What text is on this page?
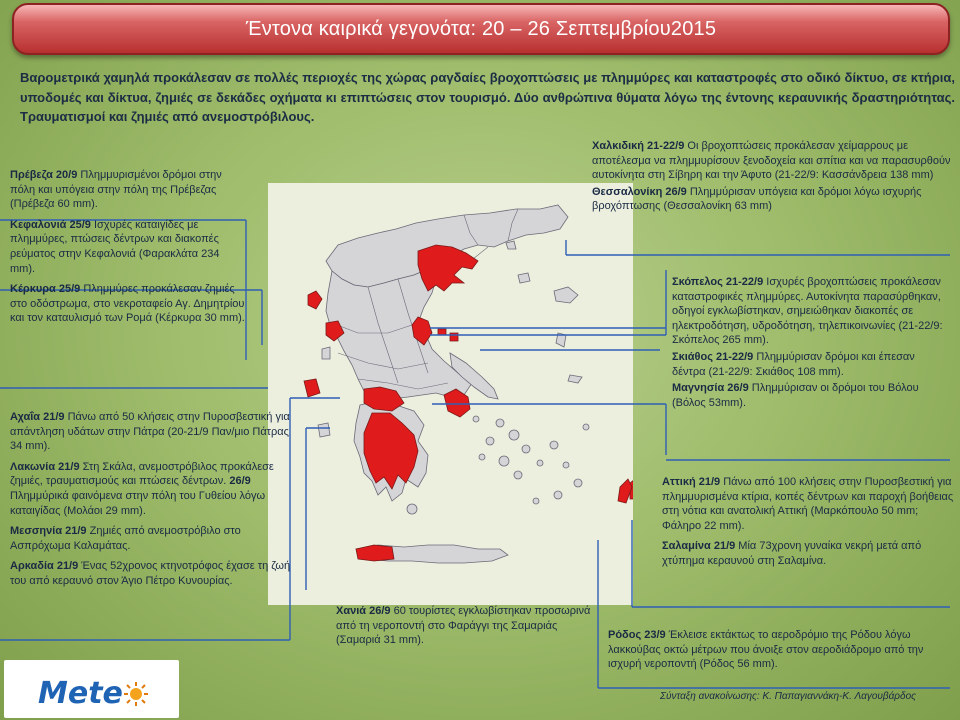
Έντονα καιρικά γεγονότα: 20 – 26 Σεπτεμβρίου2015

Βαρομετρικά χαμηλά προκάλεσαν σε πολλές περιοχές της χώρας ραγδαίες βροχοπτώσεις με πλημμύρες και καταστροφές στο οδικό δίκτυο, σε κτήρια, υποδομές και δίκτυα, ζημιές σε δεκάδες οχήματα κι επιπτώσεις στον τουρισμό. Δύο ανθρώπινα θύματα λόγω της έντονης κεραυνικής δραστηριότητας. Τραυματισμοί και ζημιές από ανεμοστρόβιλους.

Πρέβεζα 20/9 Πλημμυρισμένοι δρόμοι στην πόλη και υπόγεια στην πόλη της Πρέβεζας (Πρέβεζα 60 mm).

Κεφαλονιά 25/9 Ισχυρές καταιγίδες με πλημμύρες, πτώσεις δέντρων και διακοπές ρεύματος στην Κεφαλονιά (Φαρακλάτα 234 mm).

Κέρκυρα 25/9 Πλημμύρες προκάλεσαν ζημιές στο οδόστρωμα, στο νεκροταφείο Αγ. Δημητρίου και τον καταυλισμό των Ρομά (Κέρκυρα 30 mm).

Αχαΐα 21/9 Πάνω από 50 κλήσεις στην Πυροσβεστική για απάντληση υδάτων στην Πάτρα (20-21/9 Παν/μιο Πάτρας 34 mm).

Λακωνία 21/9 Στη Σκάλα, ανεμοστρόβιλος προκάλεσε ζημιές, τραυματισμούς και πτώσεις δέντρων. 26/9 Πλημμύρικά φαινόμενα στην πόλη του Γυθείου λόγω καταιγίδας (Μολάοι 29 mm).

Μεσσηνία 21/9 Ζημιές από ανεμοστρόβιλο στο Ασπρόχωμα Καλαμάτας.

Αρκαδία 21/9 Ένας 52χρονος κτηνοτρόφος έχασε τη ζωή του από κεραυνό στον Άγιο Πέτρο Κυνουρίας.

Χαλκιδική 21-22/9 Οι βροχοπτώσεις προκάλεσαν χείμαρρους με αποτέλεσμα να πλημμυρίσουν ξενοδοχεία και σπίτια και να παρασυρθούν αυτοκίνητα στη Σίβηρη και την Άφυτο (21-22/9: Κασσάνδρεια 138 mm)

Θεσσαλονίκη 26/9 Πλημμύρισαν υπόγεια και δρόμοι λόγω ισχυρής βροχόπτωσης (Θεσσαλονίκη 63 mm)

Σκόπελος 21-22/9 Ισχυρές βροχοπτώσεις προκάλεσαν καταστροφικές πλημμύρες. Αυτοκίνητα παρασύρθηκαν, οδηγοί εγκλωβίστηκαν, σημειώθηκαν διακοπές σε ηλεκτροδότηση, υδροδότηση, τηλεπικοινωνίες (21-22/9: Σκόπελος 265 mm).

Σκιάθος 21-22/9 Πλημμύρισαν δρόμοι και έπεσαν δέντρα (21-22/9: Σκιάθος 108 mm).

Μαγνησία 26/9 Πλημμύρισαν οι δρόμοι του Βόλου (Βόλος 53mm).

Αττική 21/9 Πάνω από 100 κλήσεις στην Πυροσβεστική για πλημμυρισμένα κτίρια, κοπές δέντρων και παροχή βοήθειας στη νότια και ανατολική Αττική (Μαρκόπουλο 50 mm; Φάληρο 22 mm).

Σαλαμίνα 21/9 Μία 73χρονη γυναίκα νεκρή μετά από χτύπημα κεραυνού στη Σαλαμίνα.

Χανιά 26/9 60 τουρίστες εγκλωβίστηκαν προσωρινά από τη νεροποντή στο Φαράγγι της Σαμαριάς (Σαμαριά 31 mm).	Ρόδος 23/9 Έκλεισε εκτάκτως το αεροδρόμιο της Ρόδου λόγω λακκούβας οκτώ μέτρων που άνοιξε στον αεροδιάδρομο από την ισχυρή νεροποντή (Ρόδος 56 mm).

Mete	Σύνταξη ανακοίνωσης: Κ. Παπαγιαννάκη-Κ. Λαγουβάρδος
